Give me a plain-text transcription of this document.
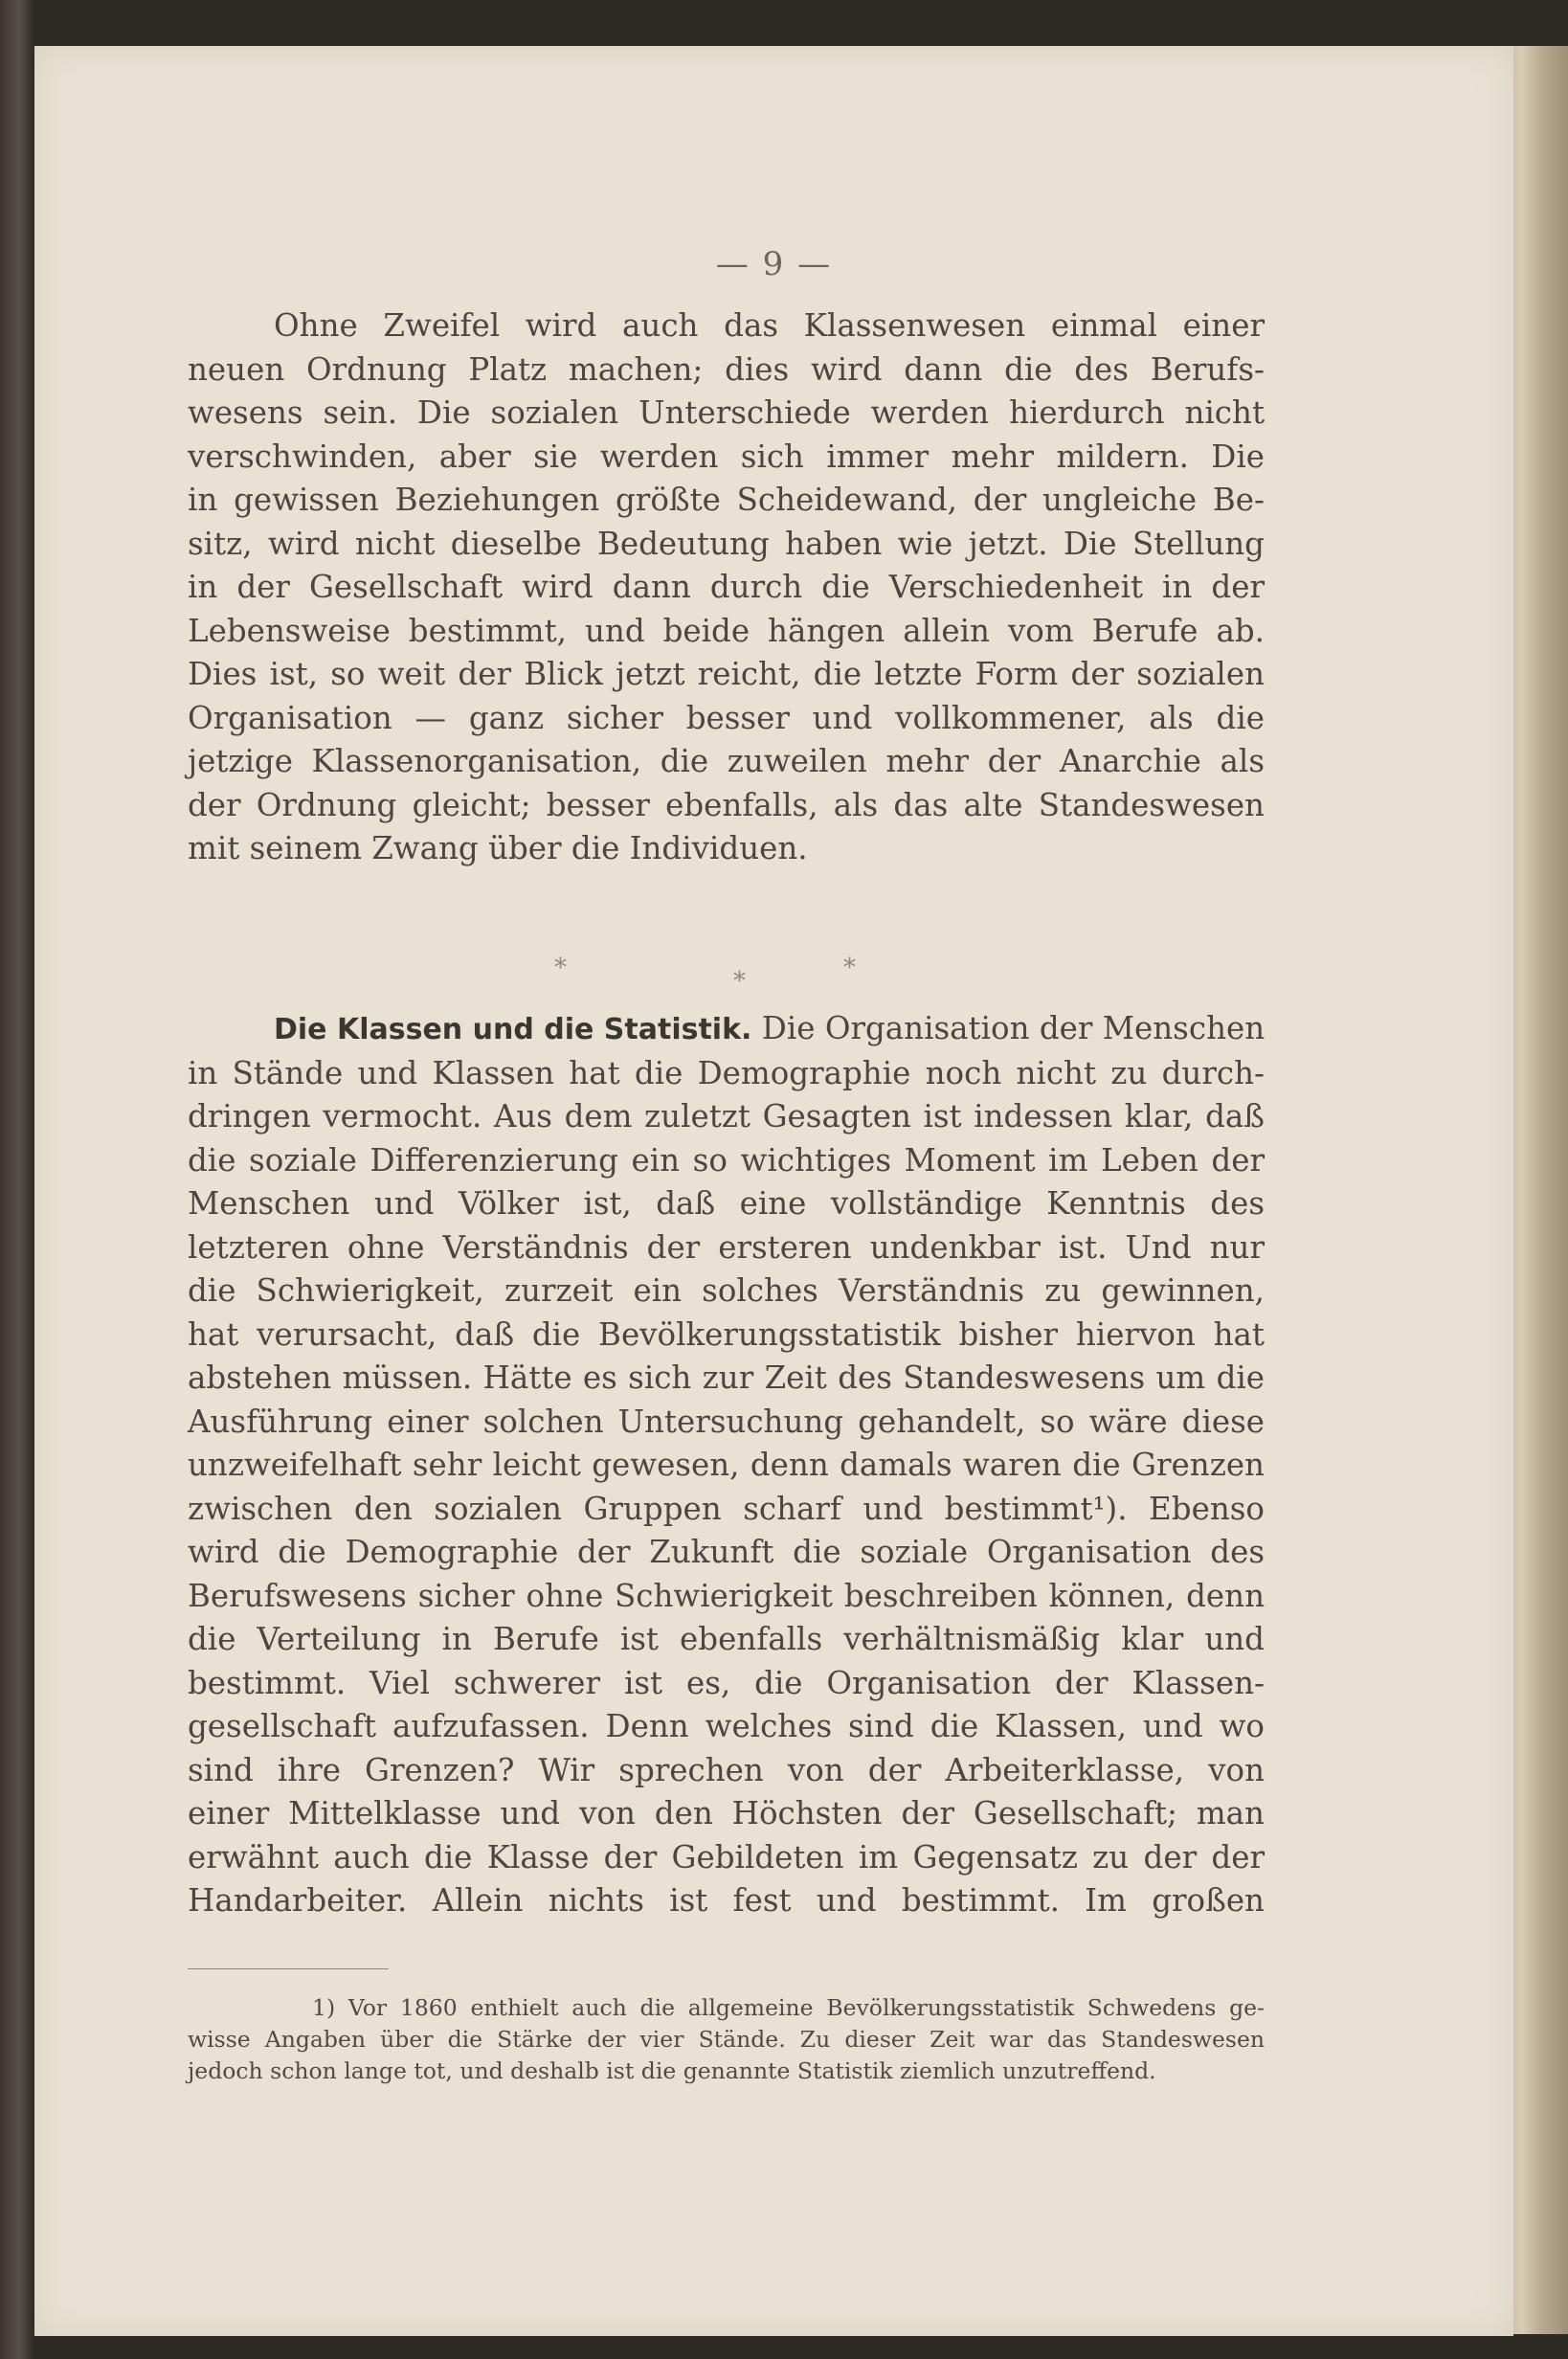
— 9 —
Ohne Zweifel wird auch das Klassenwesen einmal einer
neuen Ordnung Platz machen; dies wird dann die des Berufs-
wesens sein. Die sozialen Unterschiede werden hierdurch nicht
verschwinden, aber sie werden sich immer mehr mildern. Die
in gewissen Beziehungen größte Scheidewand, der ungleiche Be-
sitz, wird nicht dieselbe Bedeutung haben wie jetzt. Die Stellung
in der Gesellschaft wird dann durch die Verschiedenheit in der
Lebensweise bestimmt, und beide hängen allein vom Berufe ab.
Dies ist, so weit der Blick jetzt reicht, die letzte Form der sozialen
Organisation — ganz sicher besser und vollkommener, als die
jetzige Klassenorganisation, die zuweilen mehr der Anarchie als
der Ordnung gleicht; besser ebenfalls, als das alte Standeswesen
mit seinem Zwang über die Individuen.
*	*	*
Die Klassen und die Statistik. Die Organisation der Menschen
in Stände und Klassen hat die Demographie noch nicht zu durch-
dringen vermocht. Aus dem zuletzt Gesagten ist indessen klar, daß
die soziale Differenzierung ein so wichtiges Moment im Leben der
Menschen und Völker ist, daß eine vollständige Kenntnis des
letzteren ohne Verständnis der ersteren undenkbar ist. Und nur
die Schwierigkeit, zurzeit ein solches Verständnis zu gewinnen,
hat verursacht, daß die Bevölkerungsstatistik bisher hiervon hat
abstehen müssen. Hätte es sich zur Zeit des Standeswesens um die
Ausführung einer solchen Untersuchung gehandelt, so wäre diese
unzweifelhaft sehr leicht gewesen, denn damals waren die Grenzen
zwischen den sozialen Gruppen scharf und bestimmt¹). Ebenso
wird die Demographie der Zukunft die soziale Organisation des
Berufswesens sicher ohne Schwierigkeit beschreiben können, denn
die Verteilung in Berufe ist ebenfalls verhältnismäßig klar und
bestimmt. Viel schwerer ist es, die Organisation der Klassen-
gesellschaft aufzufassen. Denn welches sind die Klassen, und wo
sind ihre Grenzen? Wir sprechen von der Arbeiterklasse, von
einer Mittelklasse und von den Höchsten der Gesellschaft; man
erwähnt auch die Klasse der Gebildeten im Gegensatz zu der der
Handarbeiter. Allein nichts ist fest und bestimmt. Im großen
1) Vor 1860 enthielt auch die allgemeine Bevölkerungsstatistik Schwedens ge-
wisse Angaben über die Stärke der vier Stände. Zu dieser Zeit war das Standeswesen
jedoch schon lange tot, und deshalb ist die genannte Statistik ziemlich unzutreffend.
